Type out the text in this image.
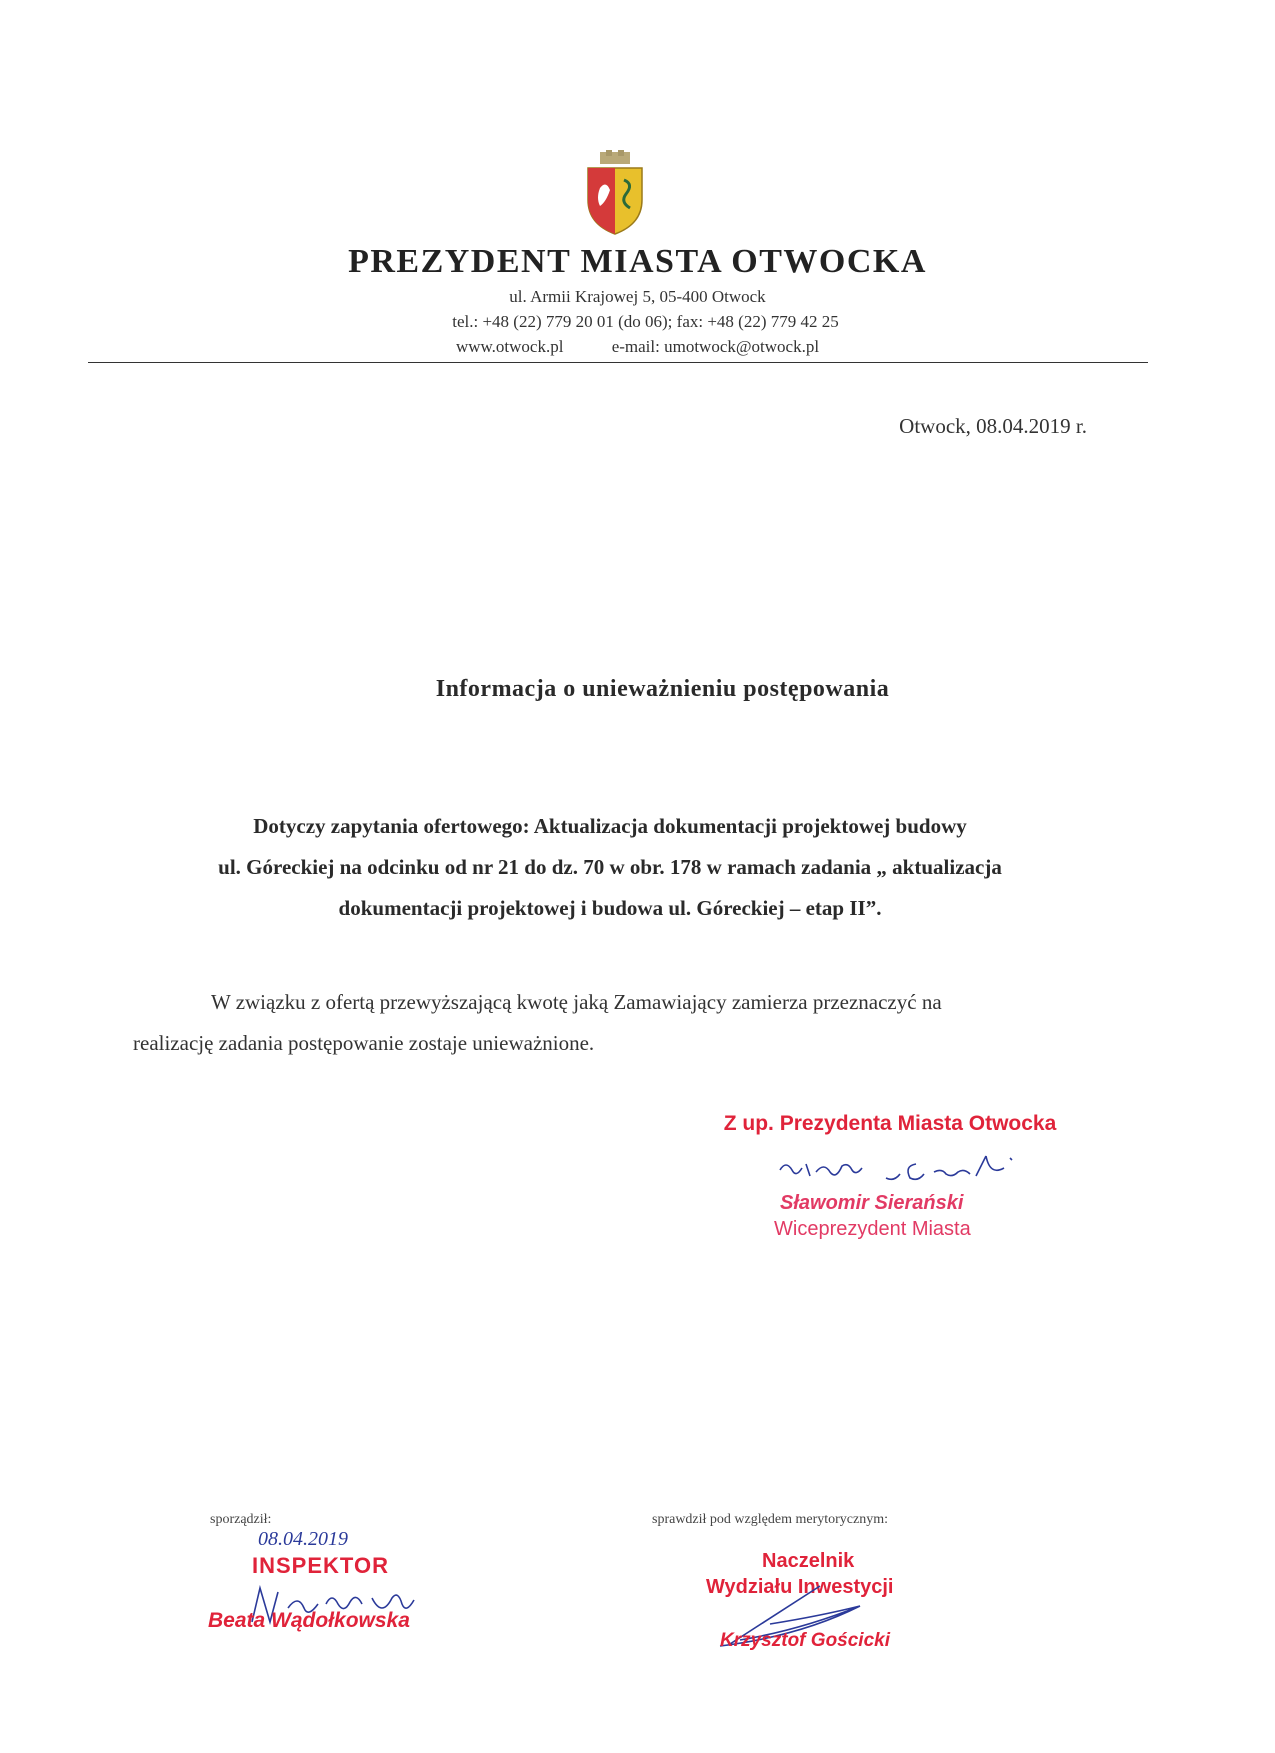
PREZYDENT MIASTA OTWOCKA
ul. Armii Krajowej 5, 05-400 Otwock
tel.: +48 (22) 779 20 01 (do 06); fax: +48 (22) 779 42 25
www.otwock.pl	e-mail: umotwock@otwock.pl
Otwock, 08.04.2019 r.
Informacja o unieważnieniu postępowania
Dotyczy zapytania ofertowego: Aktualizacja dokumentacji projektowej budowy
ul. Góreckiej na odcinku od nr 21 do dz. 70 w obr. 178 w ramach zadania „ aktualizacja
dokumentacji projektowej i budowa ul. Góreckiej – etap II”.
W związku z ofertą przewyższającą kwotę jaką Zamawiający zamierza przeznaczyć na
realizację zadania postępowanie zostaje unieważnione.
Z up. Prezydenta Miasta Otwocka
Sławomir Sierański
Wiceprezydent Miasta
sporządził:
08.04.2019
INSPEKTOR
Beata Wądołkowska
sprawdził pod względem merytorycznym:
Naczelnik
Wydziału Inwestycji
Krzysztof Gościcki
